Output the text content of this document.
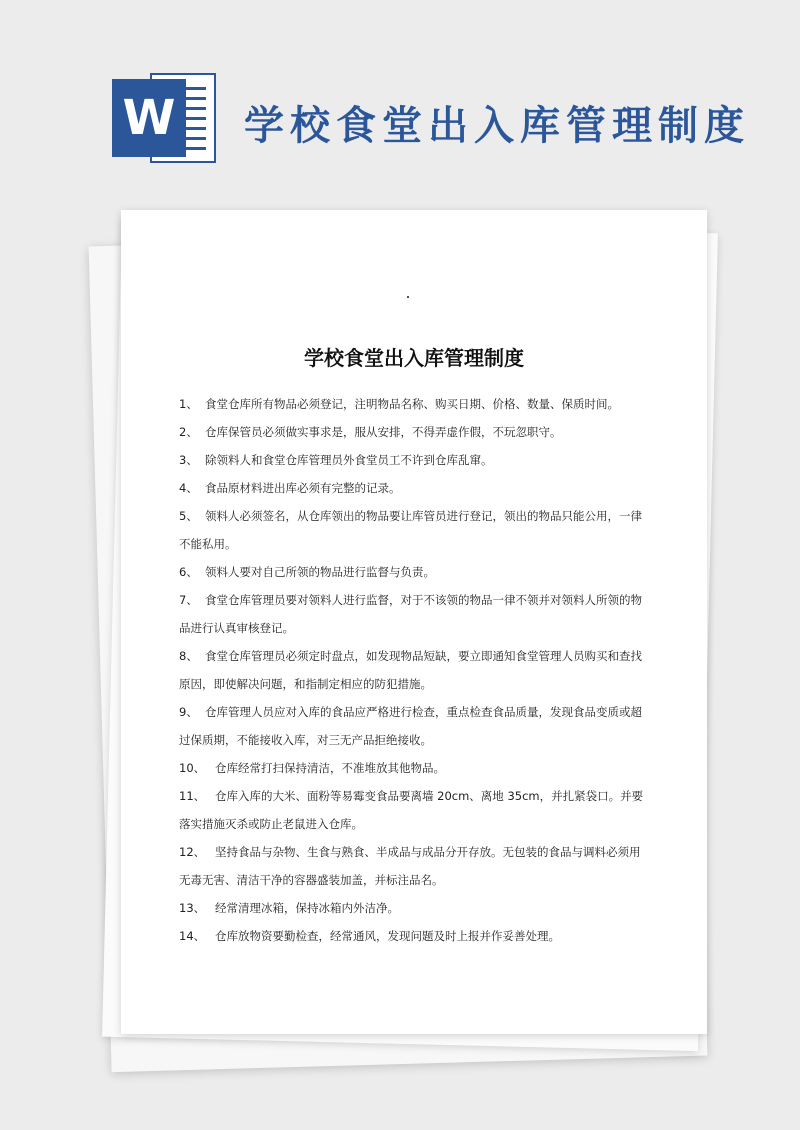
W 学校食堂出入库管理制度
学校食堂出入库管理制度
1、 食堂仓库所有物品必须登记，注明物品名称、购买日期、价格、数量、保质时间。
2、 仓库保管员必须做实事求是，服从安排，不得弄虚作假，不玩忽职守。
3、 除领料人和食堂仓库管理员外食堂员工不许到仓库乱窜。
4、 食品原材料进出库必须有完整的记录。
5、 领料人必须签名，从仓库领出的物品要让库管员进行登记，领出的物品只能公用，一律不能私用。
6、 领料人要对自己所领的物品进行监督与负责。
7、 食堂仓库管理员要对领料人进行监督，对于不该领的物品一律不领并对领料人所领的物品进行认真审核登记。
8、 食堂仓库管理员必须定时盘点，如发现物品短缺，要立即通知食堂管理人员购买和查找原因，即使解决问题，和指制定相应的防犯措施。
9、 仓库管理人员应对入库的食品应严格进行检查，重点检查食品质量，发现食品变质或超过保质期，不能接收入库，对三无产品拒绝接收。
10、 仓库经常打扫保持清洁，不准堆放其他物品。
11、 仓库入库的大米、面粉等易霉变食品要离墙 20cm、离地 35cm，并扎紧袋口。并要落实措施灭杀或防止老鼠进入仓库。
12、 坚持食品与杂物、生食与熟食、半成品与成品分开存放。无包装的食品与调料必须用无毒无害、清洁干净的容器盛装加盖，并标注品名。
13、 经常清理冰箱，保持冰箱内外洁净。
14、 仓库放物资要勤检查，经常通风，发现问题及时上报并作妥善处理。
